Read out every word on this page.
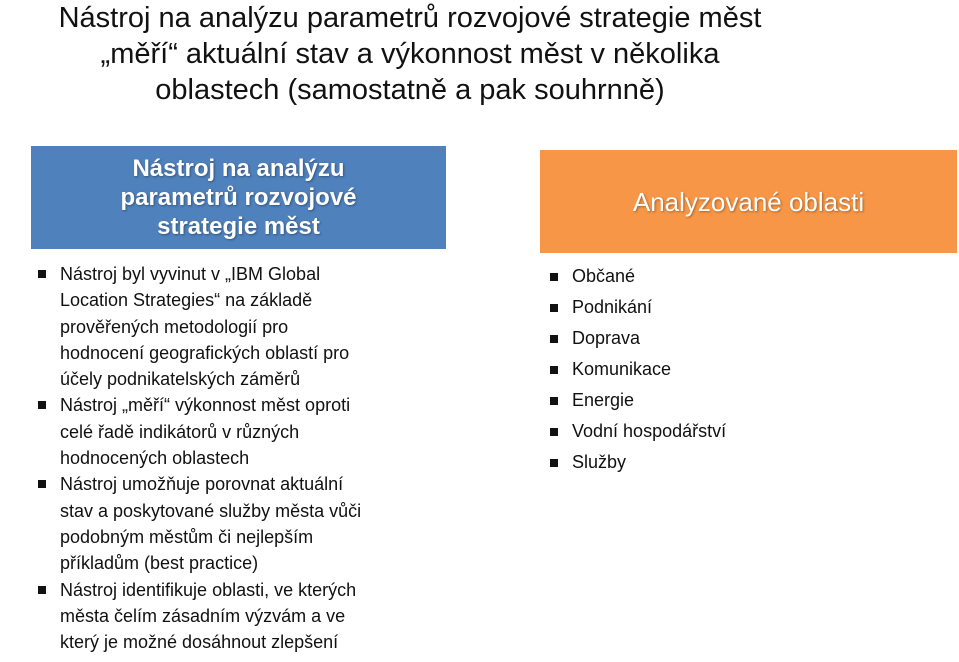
Nástroj na analýzu parametrů rozvojové strategie měst
„měří“ aktuální stav a výkonnost měst v několika
oblastech (samostatně a pak souhrnně)
Nástroj na analýzu
parametrů rozvojové
strategie měst
Analyzované oblasti
Nástroj byl vyvinut v „IBM Global
Location Strategies“ na základě
prověřených metodologií pro
hodnocení geografických oblastí pro
účely podnikatelských záměrů
Nástroj „měří“ výkonnost měst oproti
celé řadě indikátorů v různých
hodnocených oblastech
Nástroj umožňuje porovnat aktuální
stav a poskytované služby města vůči
podobným městům či nejlepším
příkladům (best practice)
Nástroj identifikuje oblasti, ve kterých
města čelím zásadním výzvám a ve
který je možné dosáhnout zlepšení
Občané
Podnikání
Doprava
Komunikace
Energie
Vodní hospodářství
Služby
